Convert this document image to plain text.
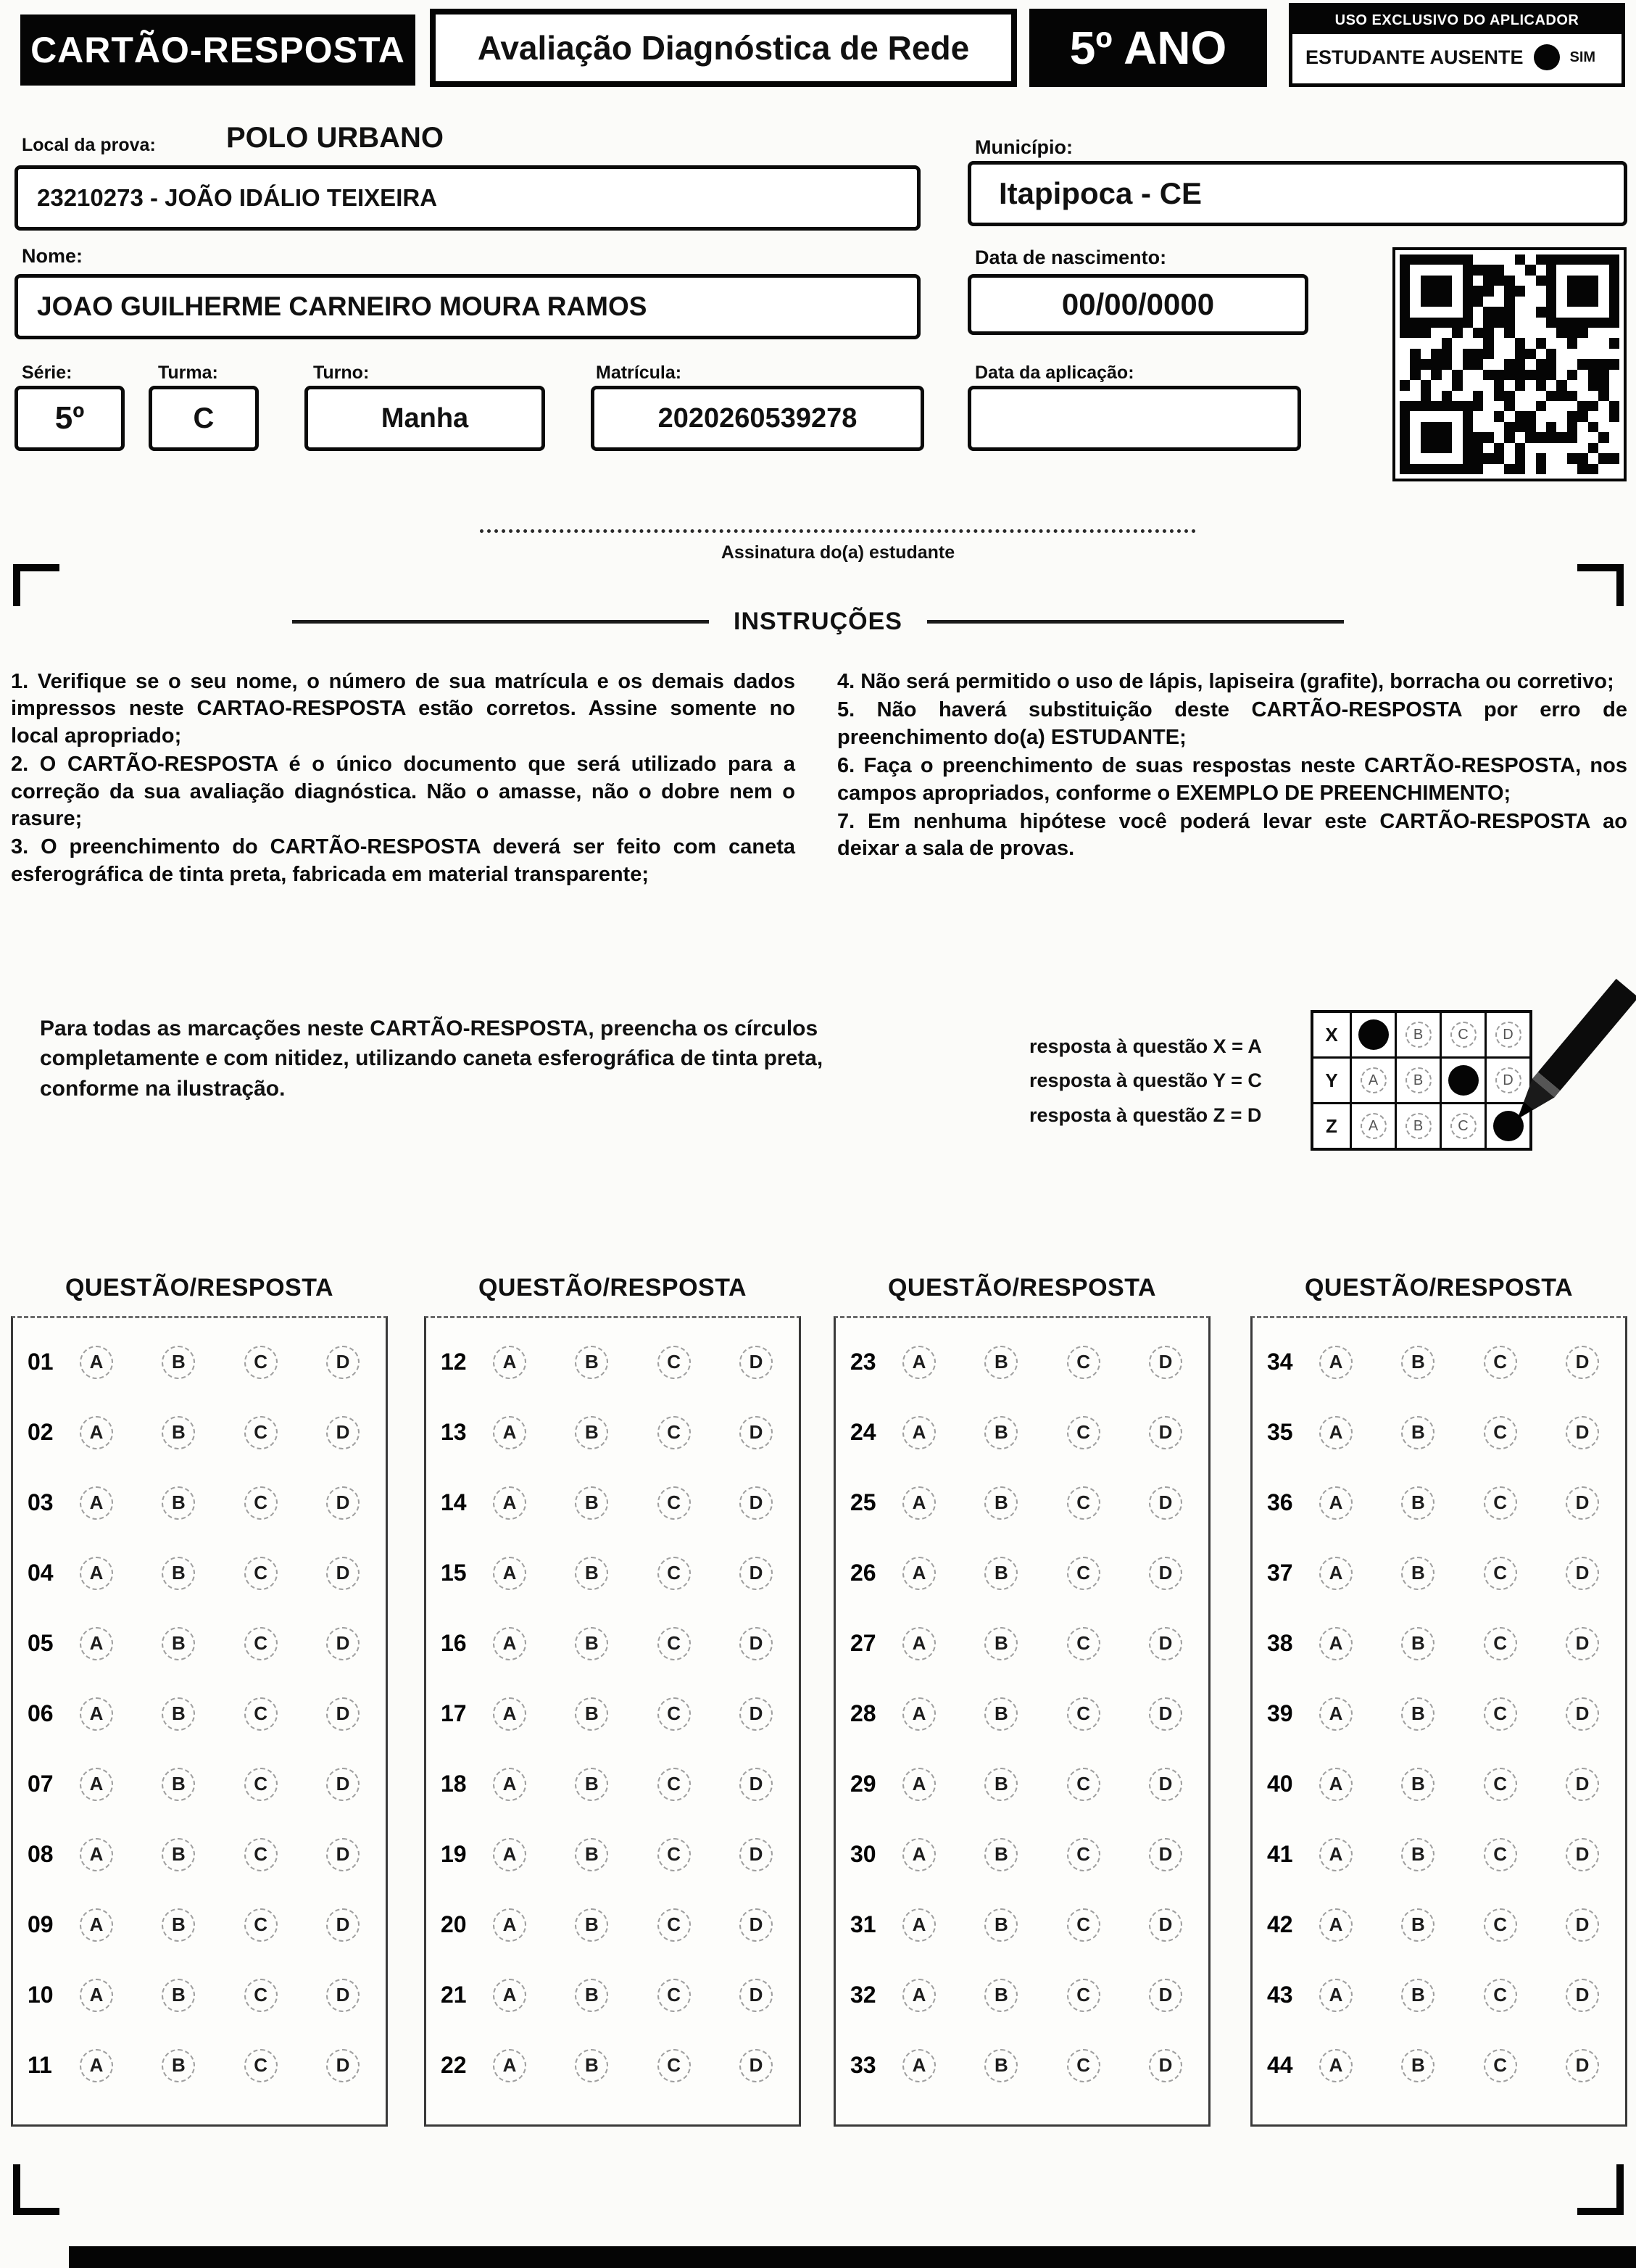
CARTÃO-RESPOSTA	Avaliação Diagnóstica de Rede	5º ANO
USO EXCLUSIVO DO APLICADOR
ESTUDANTE AUSENTE	SIM
Local da prova: POLO URBANO	Município:
23210273 - JOÃO IDÁLIO TEIXEIRA	Itapipoca - CE
Nome:
JOAO GUILHERME CARNEIRO MOURA RAMOS
Data de nascimento:
00/00/0000
Série:	Turma:	Turno:	Matrícula:	Data da aplicação:
5º	C	Manha	2020260539278
Assinatura do(a) estudante
INSTRUÇÕES

1. Verifique se o seu nome, o número de sua matrícula e os demais dados impressos neste CARTAO-RESPOSTA estão corretos. Assine somente no local apropriado;

2. O CARTÃO-RESPOSTA é o único documento que será utilizado para a correção da sua avaliação diagnóstica. Não o amasse, não o dobre nem o rasure;

3. O preenchimento do CARTÃO-RESPOSTA deverá ser feito com caneta esferográfica de tinta preta, fabricada em material transparente;

4. Não será permitido o uso de lápis, lapiseira (grafite), borracha ou corretivo;

5. Não haverá substituição deste CARTÃO-RESPOSTA por erro de preenchimento do(a) ESTUDANTE;

6. Faça o preenchimento de suas respostas neste CARTÃO-RESPOSTA, nos campos apropriados, conforme o EXEMPLO DE PREENCHIMENTO;

7. Em nenhuma hipótese você poderá levar este CARTÃO-RESPOSTA ao deixar a sala de provas.

Para todas as marcações neste CARTÃO-RESPOSTA, preencha os círculos completamente e com nitidez, utilizando caneta esferográfica de tinta preta, conforme na ilustração.
resposta à questão X = A
resposta à questão Y = C
resposta à questão Z = D
X	B	C	D
Y	A	B	D
Z	A	B	C
QUESTÃO/RESPOSTA	QUESTÃO/RESPOSTA	QUESTÃO/RESPOSTA	QUESTÃO/RESPOSTA
01	A	B	C	D
02	A	B	C	D
03	A	B	C	D
04	A	B	C	D
05	A	B	C	D
06	A	B	C	D
07	A	B	C	D
08	A	B	C	D
09	A	B	C	D
10	A	B	C	D
11	A	B	C	D
12	A	B	C	D
13	A	B	C	D
14	A	B	C	D
15	A	B	C	D
16	A	B	C	D
17	A	B	C	D
18	A	B	C	D
19	A	B	C	D
20	A	B	C	D
21	A	B	C	D
22	A	B	C	D
23	A	B	C	D
24	A	B	C	D
25	A	B	C	D
26	A	B	C	D
27	A	B	C	D
28	A	B	C	D
29	A	B	C	D
30	A	B	C	D
31	A	B	C	D
32	A	B	C	D
33	A	B	C	D
34	A	B	C	D
35	A	B	C	D
36	A	B	C	D
37	A	B	C	D
38	A	B	C	D
39	A	B	C	D
40	A	B	C	D
41	A	B	C	D
42	A	B	C	D
43	A	B	C	D
44	A	B	C	D
